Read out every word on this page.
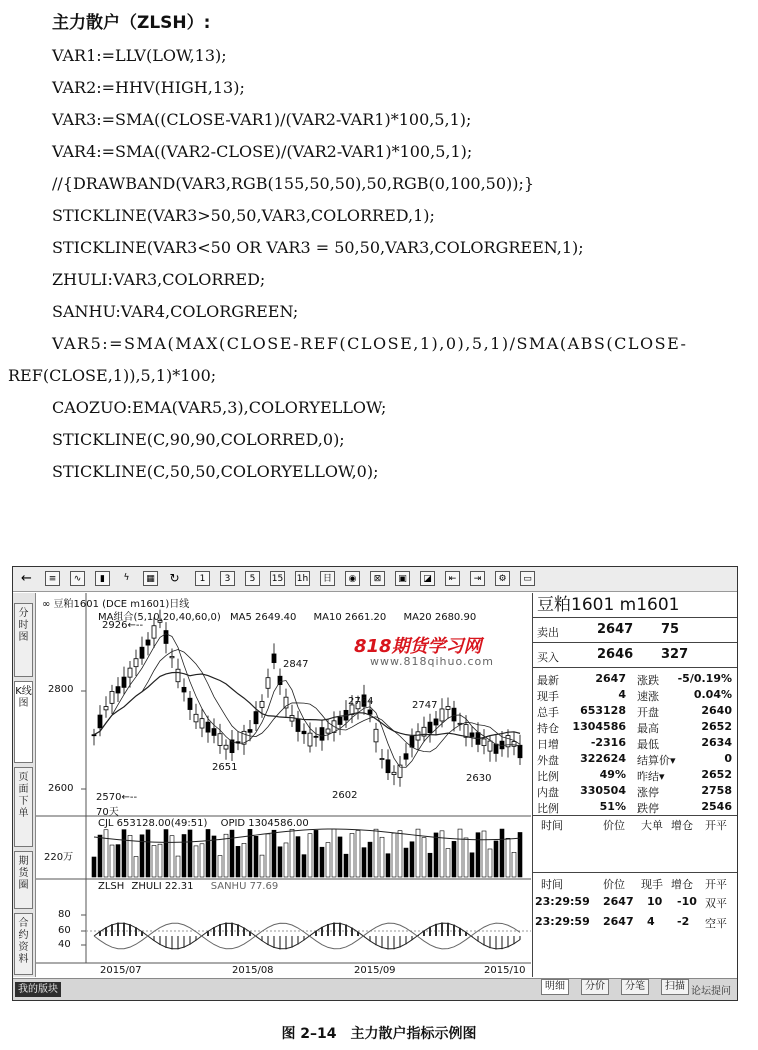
主力散户（ZLSH）:
VAR1:=LLV(LOW,13);
VAR2:=HHV(HIGH,13);
VAR3:=SMA((CLOSE-VAR1)/(VAR2-VAR1)*100,5,1);
VAR4:=SMA((VAR2-CLOSE)/(VAR2-VAR1)*100,5,1);
//{DRAWBAND(VAR3,RGB(155,50,50),50,RGB(0,100,50));}
STICKLINE(VAR3>50,50,VAR3,COLORRED,1);
STICKLINE(VAR3<50 OR VAR3 = 50,50,VAR3,COLORGREEN,1);
ZHULI:VAR3,COLORRED;
SANHU:VAR4,COLORGREEN;
VAR5:=SMA(MAX(CLOSE-REF(CLOSE,1),0),5,1)/SMA(ABS(CLOSE-
REF(CLOSE,1)),5,1)*100;
CAOZUO:EMA(VAR5,3),COLORYELLOW;
STICKLINE(C,90,90,COLORRED,0);
STICKLINE(C,50,50,COLORYELLOW,0);
←	≡	∿	▮	ϟ	▦ ↻	1	3	5	15 1h	日	◉	⊠	▣	◪	⇤	⇥	⚙	▭
分时图
K线图
页面下单
期货圈
合约资料
∞ 豆粕1601 (DCE m1601)日线
MA组合(5,10,20,40,60,0) MA5 2649.40 MA10 2661.20 MA20 2680.90
2926←--
2847
2764	2747
2651
2602
2630
2570←--
70天
2800
2600
CJL 653128.00(49:51) OPID 1304586.00
220万
ZLSH ZHULI 22.31 SANHU 77.69
80
60
40
2015/07	2015/08	2015/09	2015/10
豆粕1601 m1601
卖出	2647 75
买入	2646 327
最新	2647 涨跌 -5/0.19%
现手	4 速涨	0.04%
总手 653128 开盘	2640
持仓 1304586 最高	2652
日增	-2316 最低	2634
外盘 322624 结算价▾	0
比例	49% 昨结▾	2652
内盘 330504 涨停	2758
比例	51% 跌停	2546
时间	价位 大单 增仓 开平
时间	价位 现手 增仓 开平
23:29:59 2647 10 -10 双平
23:29:59 2647 4 -2 空平
我的版块	明细	分价	分笔	扫描 论坛提问
818期货学习网
www.818qihuo.com
图 2–14　主力散户指标示例图
